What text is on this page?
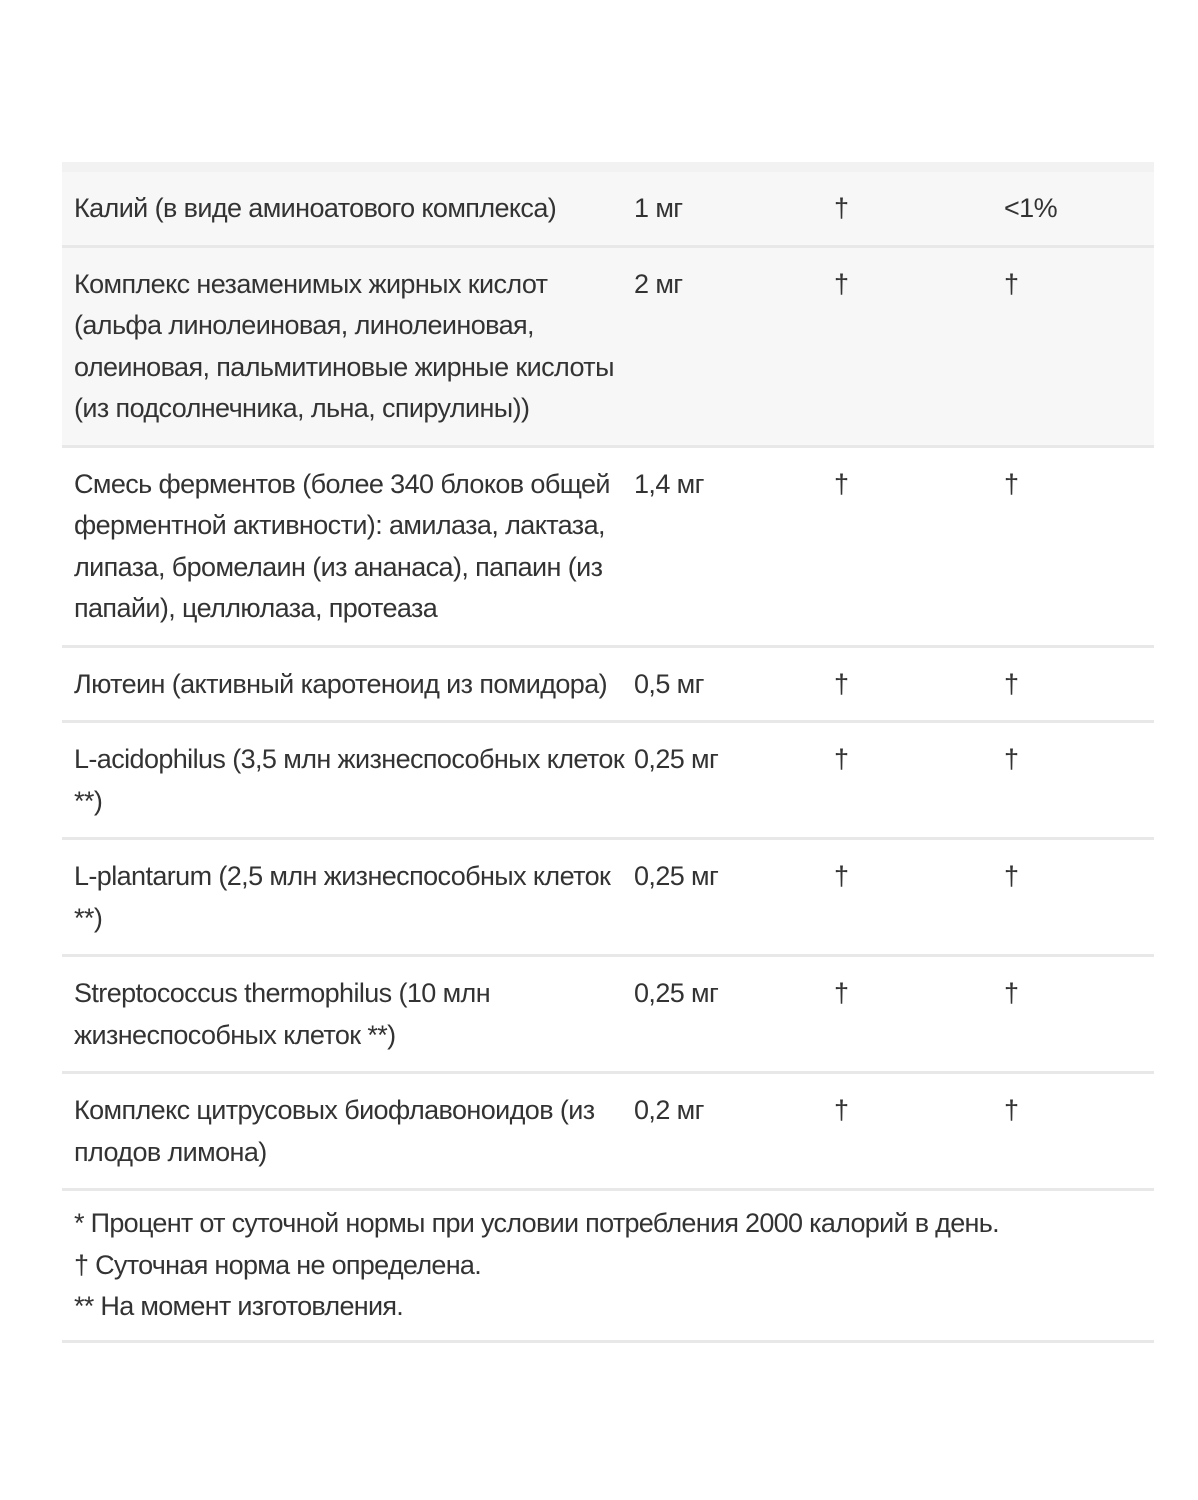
Калий (в виде аминоатового комплекса)	1 мг	†	<1%
Комплекс незаменимых жирных кислот (альфа линолеиновая, линолеиновая, олеиновая, пальмитиновые жирные кислоты (из подсолнечника, льна, спирулины))	2 мг	†	†
Смесь ферментов (более 340 блоков общей ферментной активности): амилаза, лактаза, липаза, бромелаин (из ананаса), папаин (из папайи), целлюлаза, протеаза	1,4 мг	†	†
Лютеин (активный каротеноид из помидора)	0,5 мг	†	†
L-acidophilus (3,5 млн жизнеспособных клеток **)	0,25 мг	†	†
L-plantarum (2,5 млн жизнеспособных клеток **)	0,25 мг	†	†
Streptococcus thermophilus (10 млн жизнеспособных клеток **)	0,25 мг	†	†
Комплекс цитрусовых биофлавоноидов (из плодов лимона)	0,2 мг	†	†

* Процент от суточной нормы при условии потребления 2000 калорий в день.
† Суточная норма не определена.
** На момент изготовления.			
